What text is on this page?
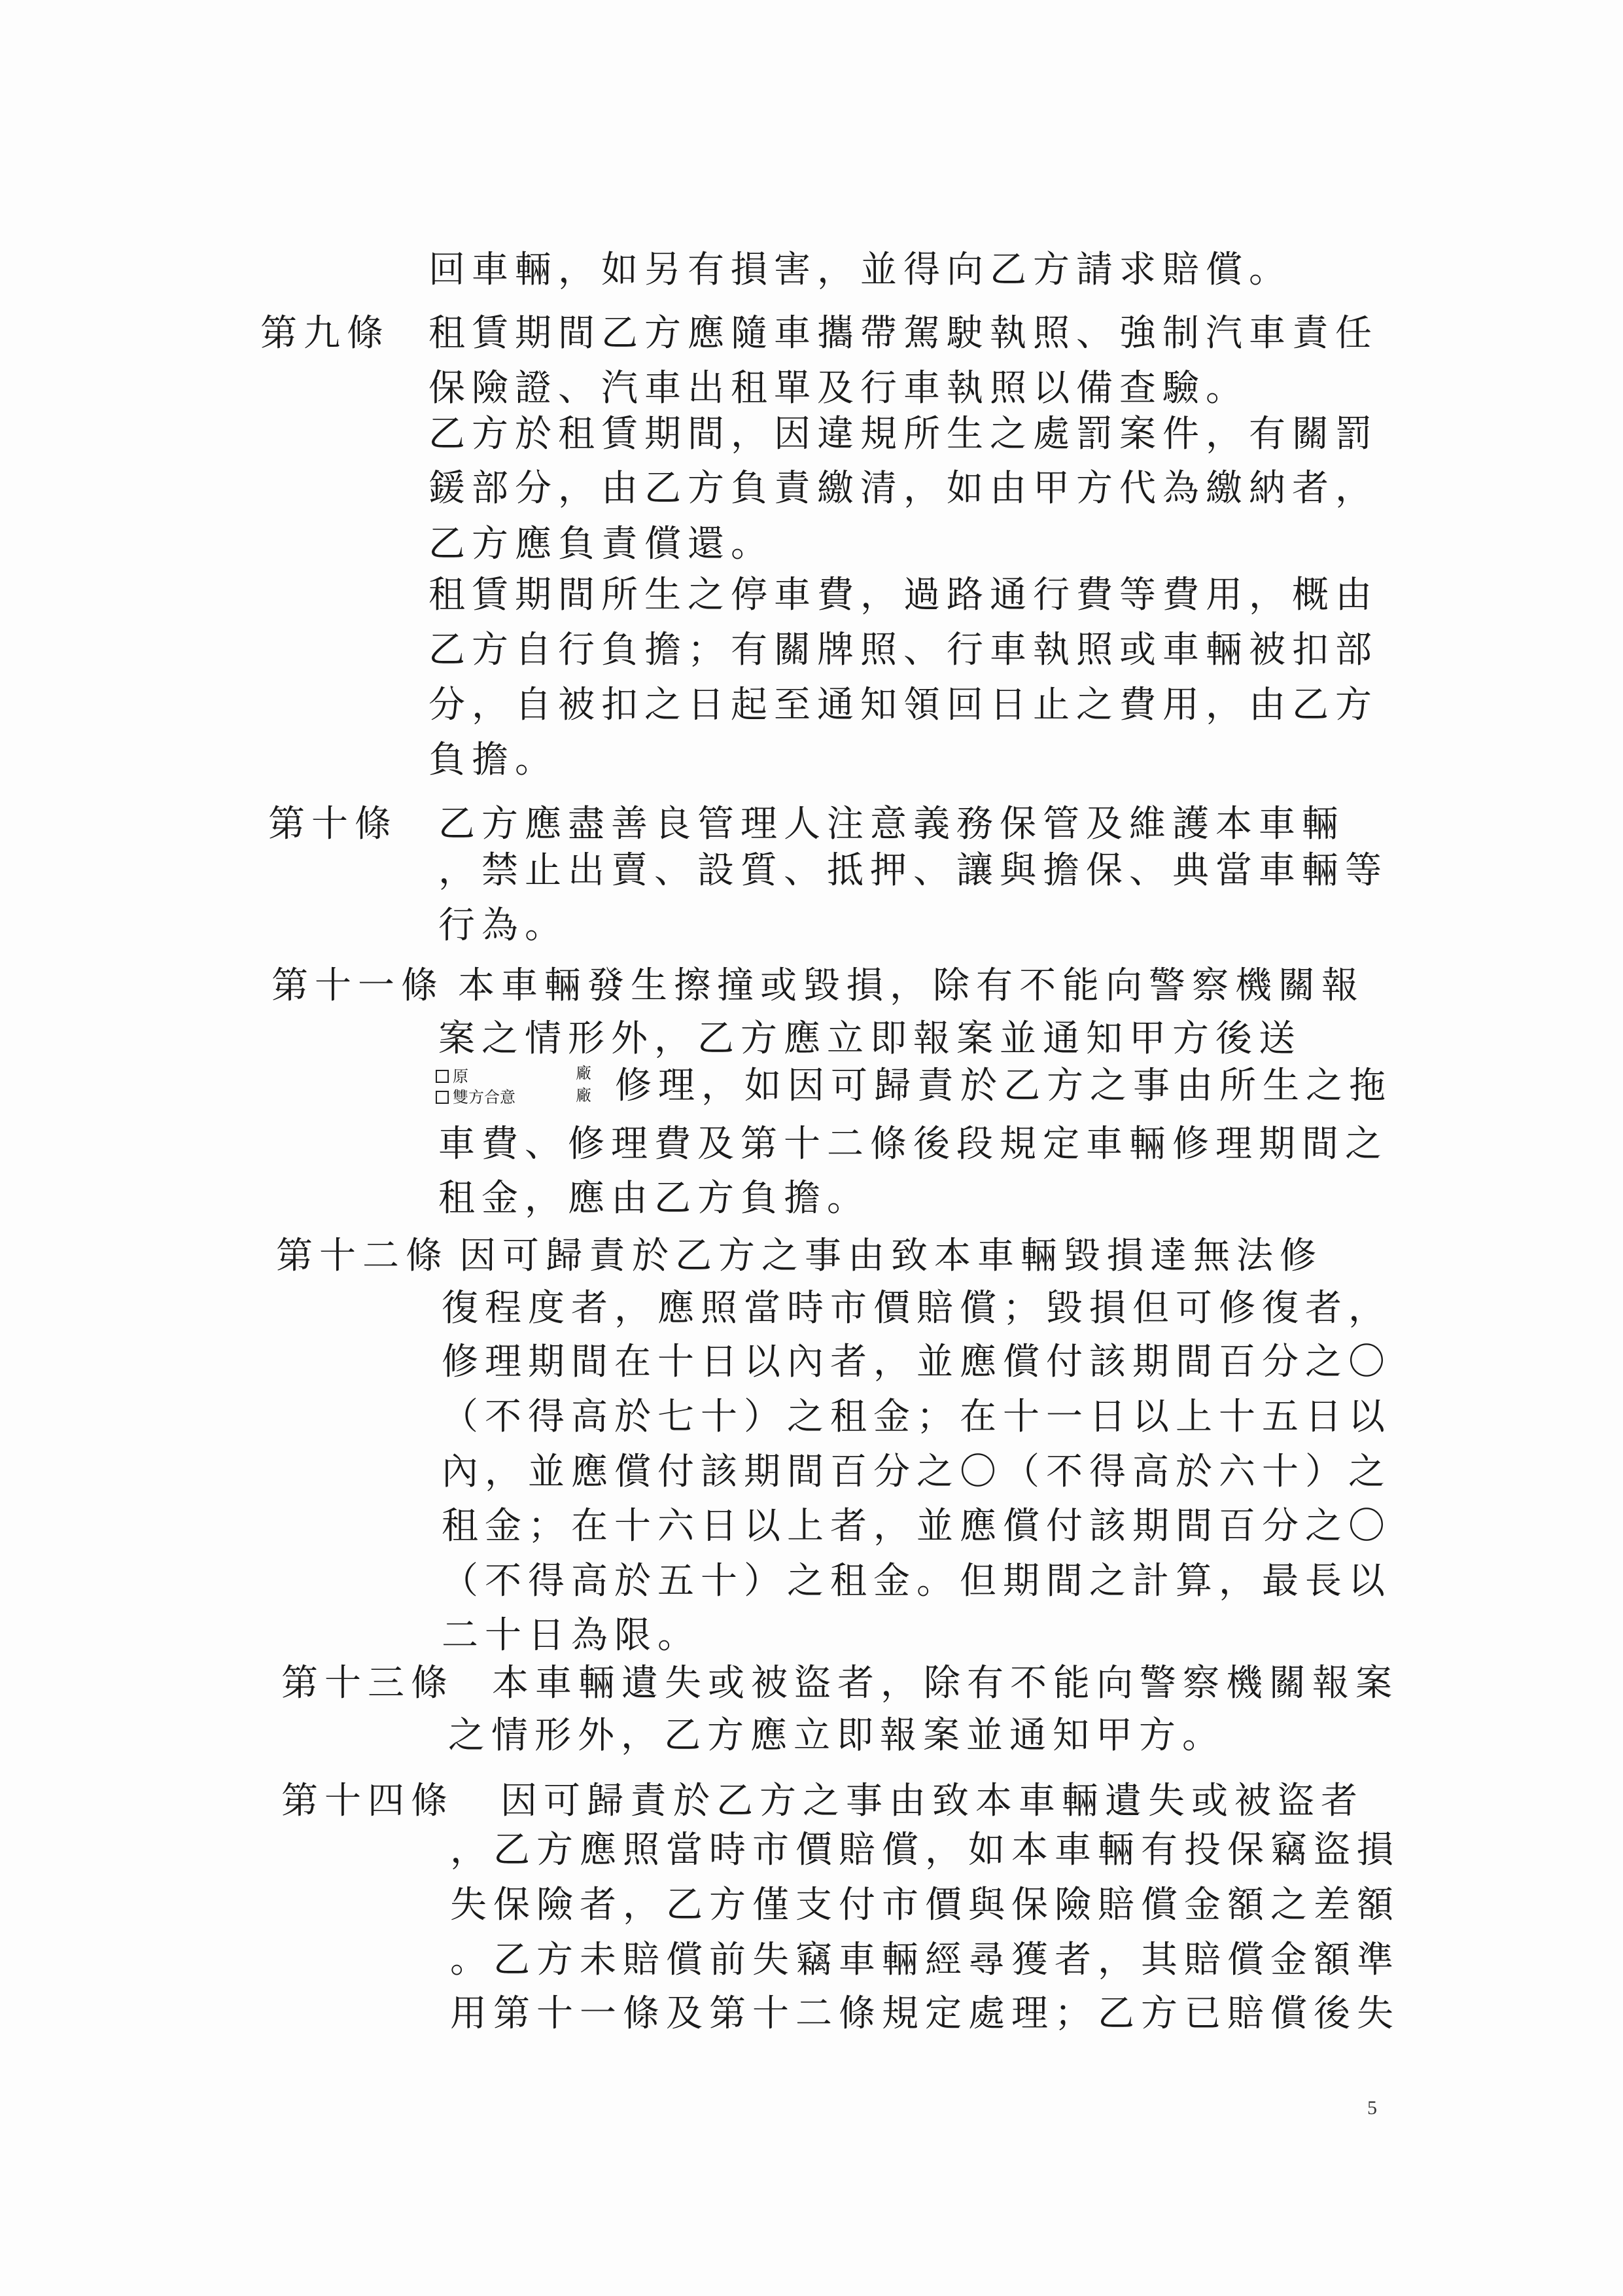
回車輛，如另有損害，並得向乙方請求賠償。
第九條 租賃期間乙方應隨車攜帶駕駛執照、強制汽車責任
保險證、汽車出租單及行車執照以備查驗。
乙方於租賃期間，因違規所生之處罰案件，有關罰
鍰部分，由乙方負責繳清，如由甲方代為繳納者，
乙方應負責償還。
租賃期間所生之停車費，過路通行費等費用，概由
乙方自行負擔；有關牌照、行車執照或車輛被扣部
分，自被扣之日起至通知領回日止之費用，由乙方
負擔。
第十條 乙方應盡善良管理人注意義務保管及維護本車輛
，禁止出賣、設質、抵押、讓與擔保、典當車輛等
行為。
第十一條 本車輛發生擦撞或毀損，除有不能向警察機關報
案之情形外，乙方應立即報案並通知甲方後送
原
雙方合意
廠
廠 修理，如因可歸責於乙方之事由所生之拖
車費、修理費及第十二條後段規定車輛修理期間之
租金，應由乙方負擔。
第十二條 因可歸責於乙方之事由致本車輛毀損達無法修
復程度者，應照當時市價賠償；毀損但可修復者，
修理期間在十日以內者，並應償付該期間百分之〇
（不得高於七十）之租金；在十一日以上十五日以
內，並應償付該期間百分之〇（不得高於六十）之
租金；在十六日以上者，並應償付該期間百分之〇
（不得高於五十）之租金。但期間之計算，最長以
二十日為限。
第十三條 本車輛遺失或被盜者，除有不能向警察機關報案
之情形外，乙方應立即報案並通知甲方。
第十四條 因可歸責於乙方之事由致本車輛遺失或被盜者
，乙方應照當時市價賠償，如本車輛有投保竊盜損
失保險者，乙方僅支付市價與保險賠償金額之差額
。乙方未賠償前失竊車輛經尋獲者，其賠償金額準
用第十一條及第十二條規定處理；乙方已賠償後失
5
